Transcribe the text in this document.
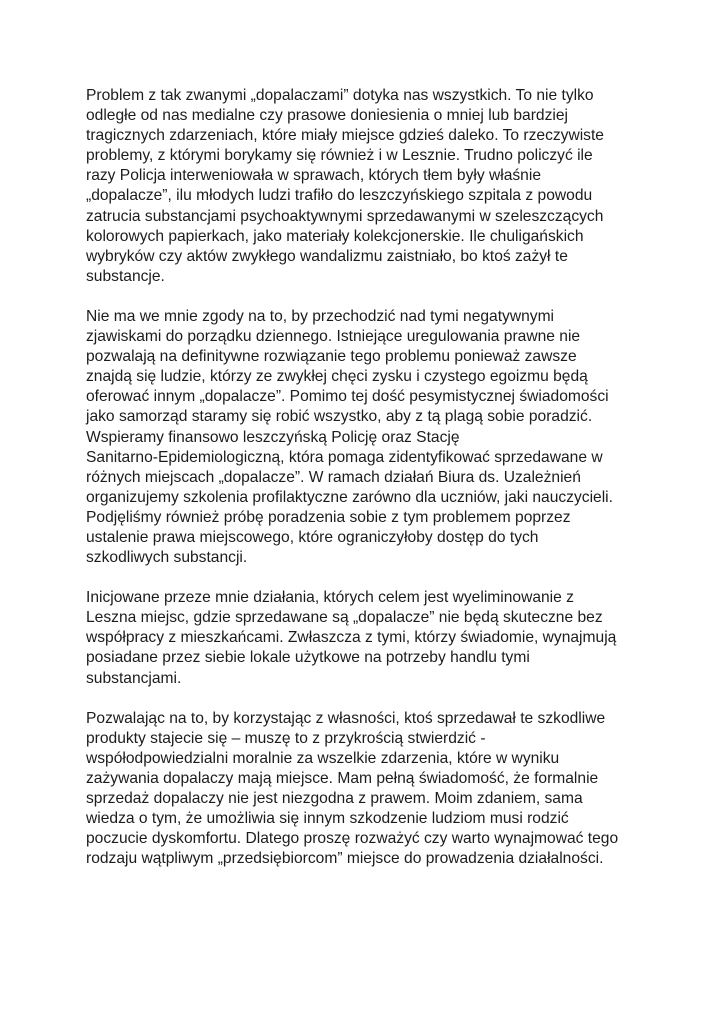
Problem z tak zwanymi „dopalaczami” dotyka nas wszystkich. To nie tylko
odległe od nas medialne czy prasowe doniesienia o mniej lub bardziej
tragicznych zdarzeniach, które miały miejsce gdzieś daleko. To rzeczywiste
problemy, z którymi borykamy się również i w Lesznie. Trudno policzyć ile
razy Policja interweniowała w sprawach, których tłem były właśnie
„dopalacze”, ilu młodych ludzi trafiło do leszczyńskiego szpitala z powodu
zatrucia substancjami psychoaktywnymi sprzedawanymi w szeleszczących
kolorowych papierkach, jako materiały kolekcjonerskie. Ile chuligańskich
wybryków czy aktów zwykłego wandalizmu zaistniało, bo ktoś zażył te
substancje.

Nie ma we mnie zgody na to, by przechodzić nad tymi negatywnymi
zjawiskami do porządku dziennego. Istniejące uregulowania prawne nie
pozwalają na definitywne rozwiązanie tego problemu ponieważ zawsze
znajdą się ludzie, którzy ze zwykłej chęci zysku i czystego egoizmu będą
oferować innym „dopalacze”. Pomimo tej dość pesymistycznej świadomości
jako samorząd staramy się robić wszystko, aby z tą plagą sobie poradzić.
Wspieramy finansowo leszczyńską Policję oraz Stację
Sanitarno-Epidemiologiczną, która pomaga zidentyfikować sprzedawane w
różnych miejscach „dopalacze”. W ramach działań Biura ds. Uzależnień
organizujemy szkolenia profilaktyczne zarówno dla uczniów, jaki nauczycieli.
Podjęliśmy również próbę poradzenia sobie z tym problemem poprzez
ustalenie prawa miejscowego, które ograniczyłoby dostęp do tych
szkodliwych substancji.

Inicjowane przeze mnie działania, których celem jest wyeliminowanie z
Leszna miejsc, gdzie sprzedawane są „dopalacze” nie będą skuteczne bez
współpracy z mieszkańcami. Zwłaszcza z tymi, którzy świadomie, wynajmują
posiadane przez siebie lokale użytkowe na potrzeby handlu tymi
substancjami.

Pozwalając na to, by korzystając z własności, ktoś sprzedawał te szkodliwe
produkty stajecie się – muszę to z przykrością stwierdzić -
współodpowiedzialni moralnie za wszelkie zdarzenia, które w wyniku
zażywania dopalaczy mają miejsce. Mam pełną świadomość, że formalnie
sprzedaż dopalaczy nie jest niezgodna z prawem. Moim zdaniem, sama
wiedza o tym, że umożliwia się innym szkodzenie ludziom musi rodzić
poczucie dyskomfortu. Dlatego proszę rozważyć czy warto wynajmować tego
rodzaju wątpliwym „przedsiębiorcom” miejsce do prowadzenia działalności.
